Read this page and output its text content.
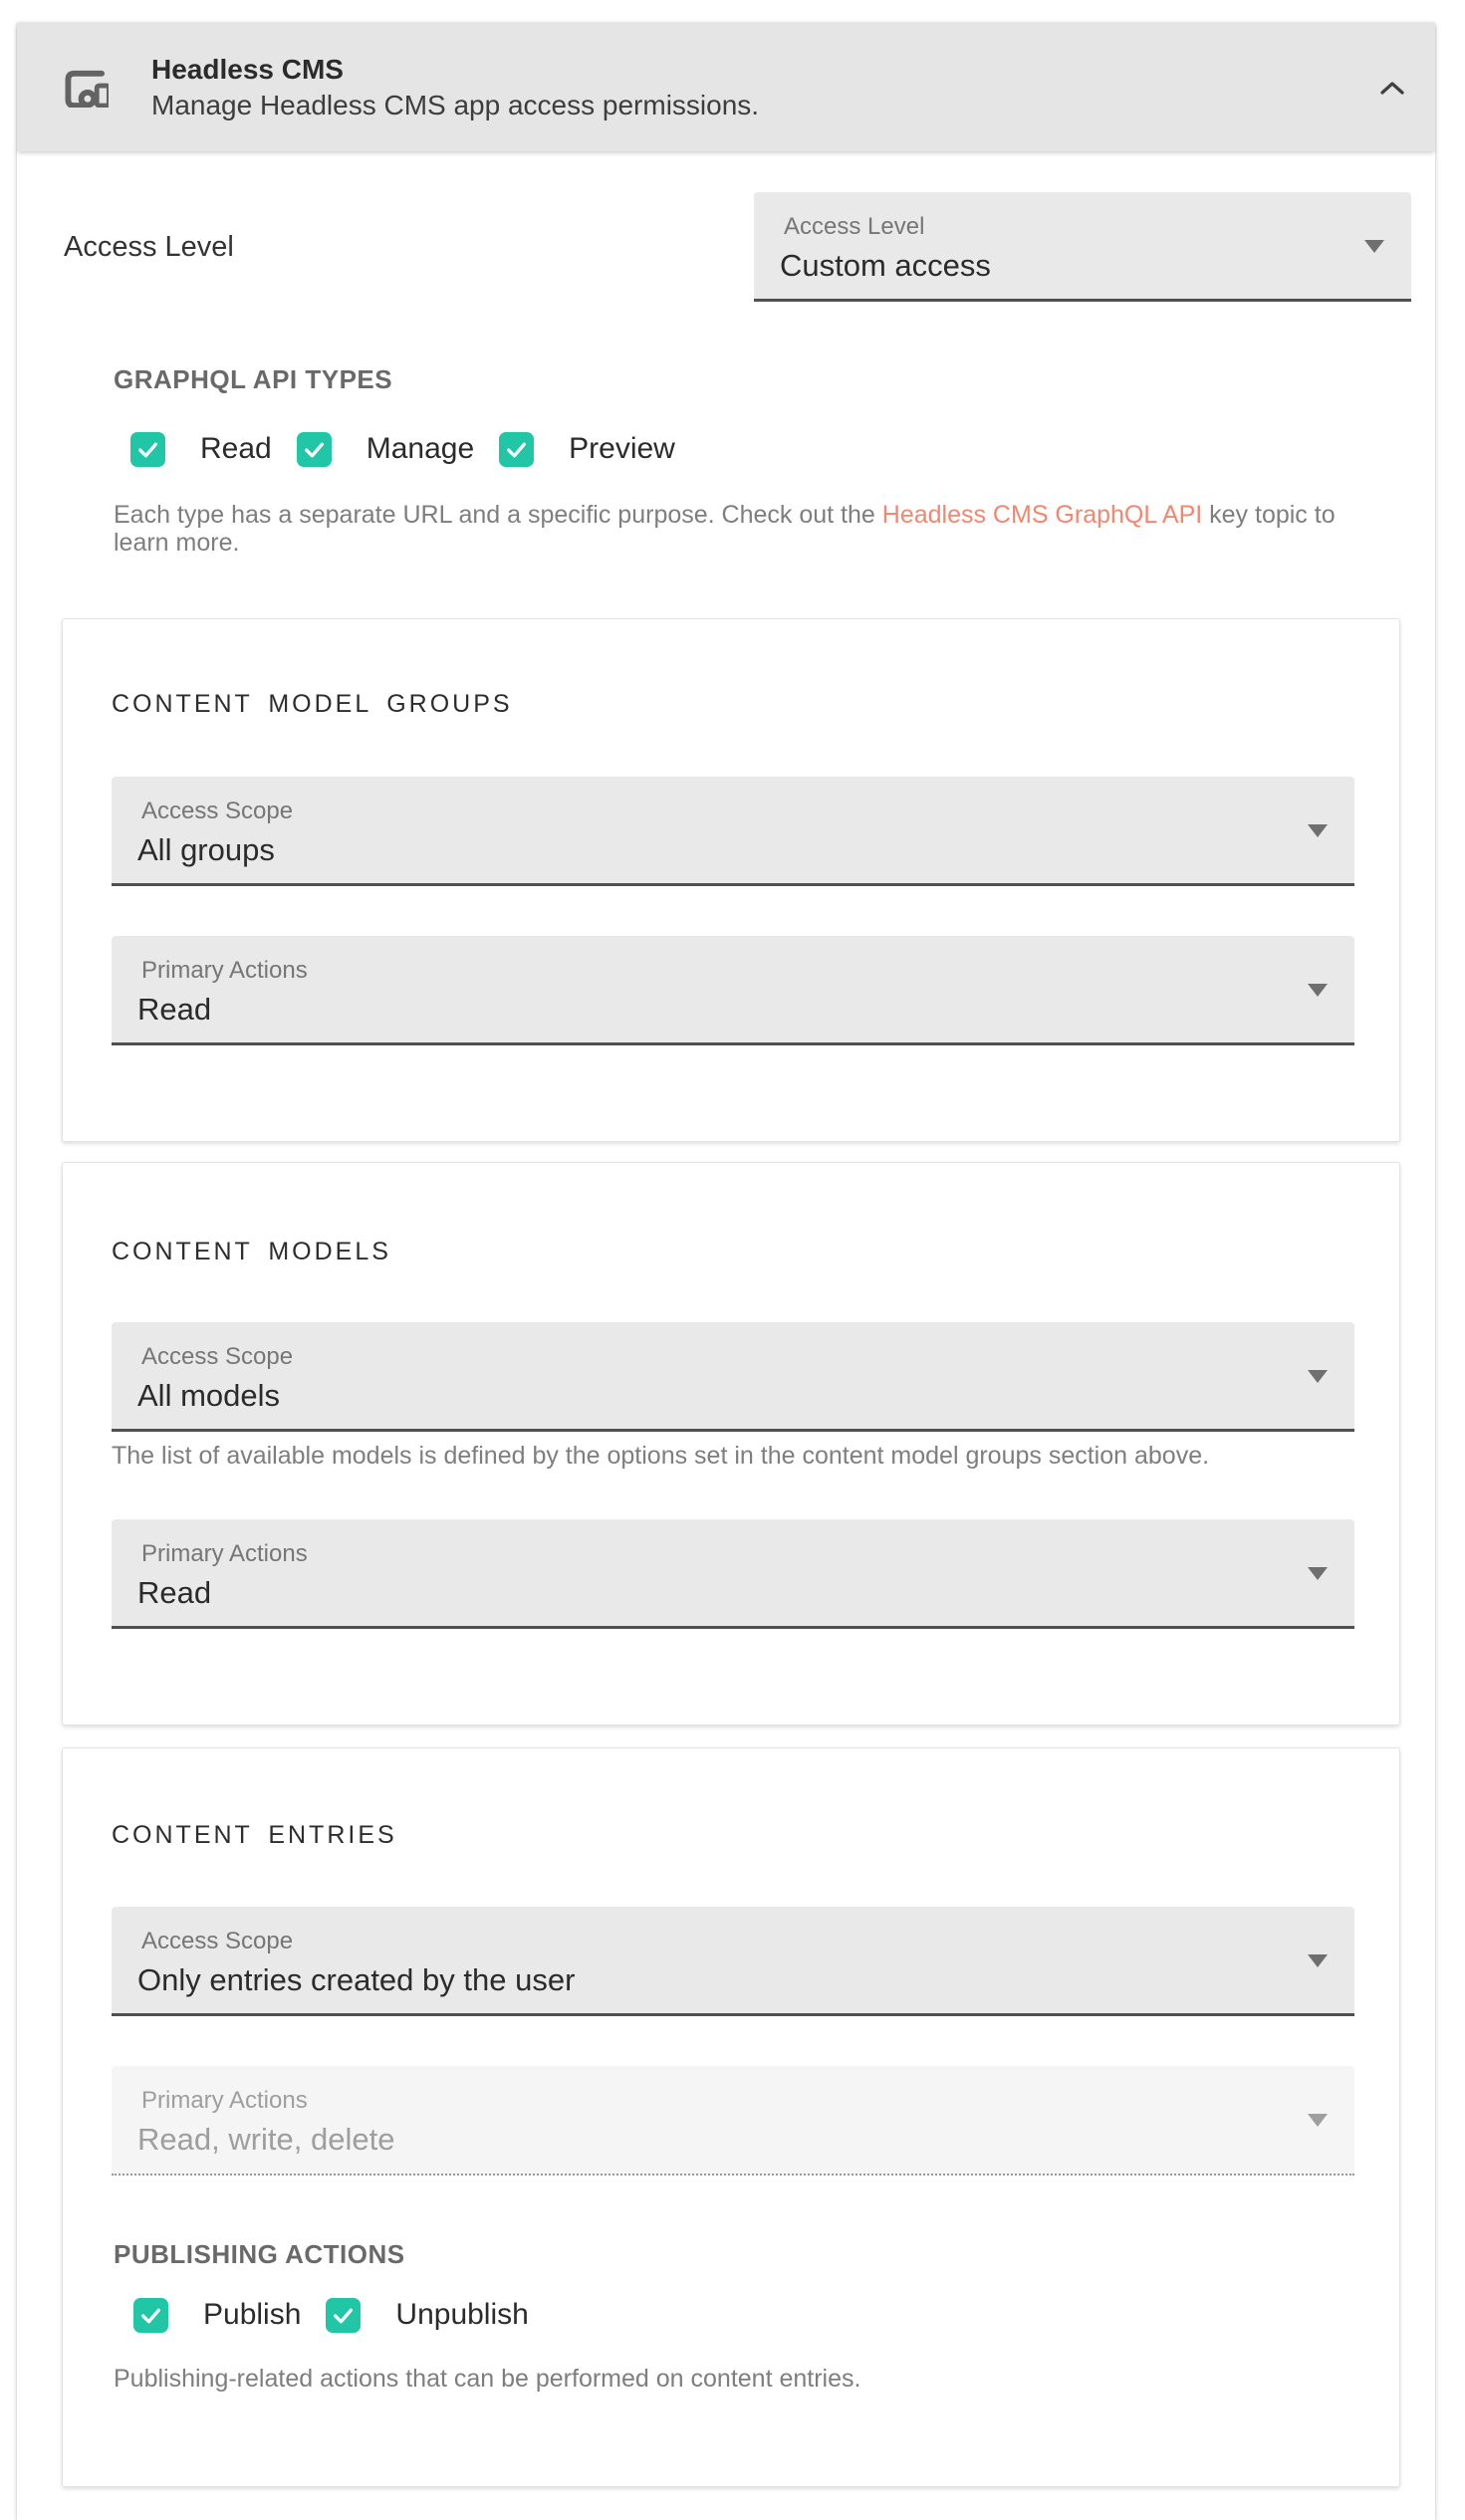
Headless CMS
Manage Headless CMS app access permissions.
Access Level
Access Level
Custom access
GRAPHQL API TYPES
Read	Manage	Preview

Each type has a separate URL and a specific purpose. Check out the Headless CMS GraphQL API key topic to learn more.

CONTENT MODEL GROUPS
Access Scope
All groups
Primary Actions
Read
CONTENT MODELS
Access Scope
All models

The list of available models is defined by the options set in the content model groups section above.

Primary Actions
Read
CONTENT ENTRIES
Access Scope
Only entries created by the user
Primary Actions
Read, write, delete
PUBLISHING ACTIONS
Publish	Unpublish

Publishing-related actions that can be performed on content entries.
